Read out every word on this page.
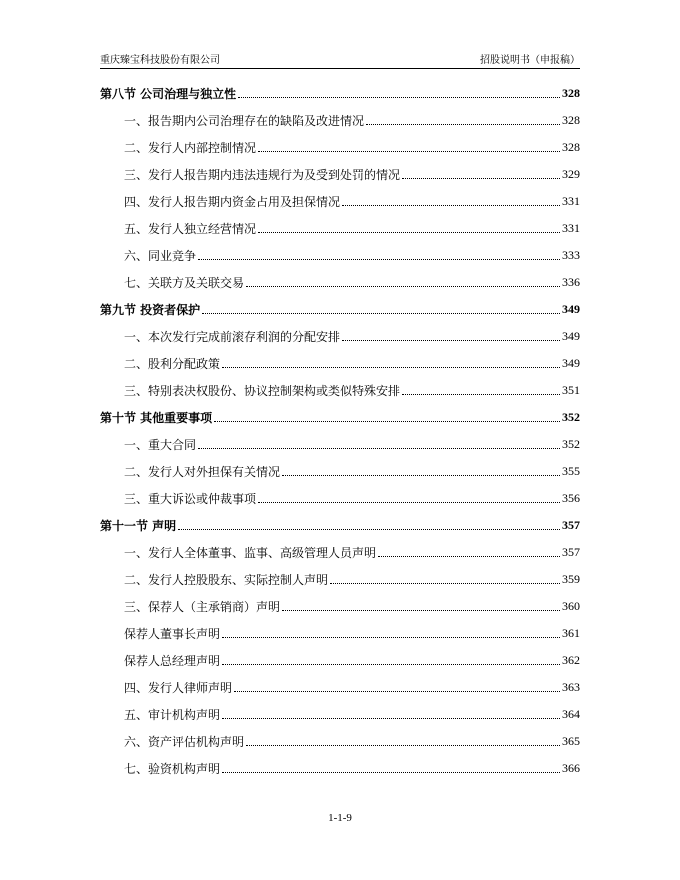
重庆臻宝科技股份有限公司	招股说明书（申报稿）
第八节 公司治理与独立性	328
一、报告期内公司治理存在的缺陷及改进情况	328
二、发行人内部控制情况	328
三、发行人报告期内违法违规行为及受到处罚的情况	329
四、发行人报告期内资金占用及担保情况	331
五、发行人独立经营情况	331
六、同业竞争	333
七、关联方及关联交易	336
第九节 投资者保护	349
一、本次发行完成前滚存利润的分配安排	349
二、股利分配政策	349
三、特别表决权股份、协议控制架构或类似特殊安排	351
第十节 其他重要事项	352
一、重大合同	352
二、发行人对外担保有关情况	355
三、重大诉讼或仲裁事项	356
第十一节 声明	357
一、发行人全体董事、监事、高级管理人员声明	357
二、发行人控股股东、实际控制人声明	359
三、保荐人（主承销商）声明	360
保荐人董事长声明	361
保荐人总经理声明	362
四、发行人律师声明	363
五、审计机构声明	364
六、资产评估机构声明	365
七、验资机构声明	366
1-1-9
